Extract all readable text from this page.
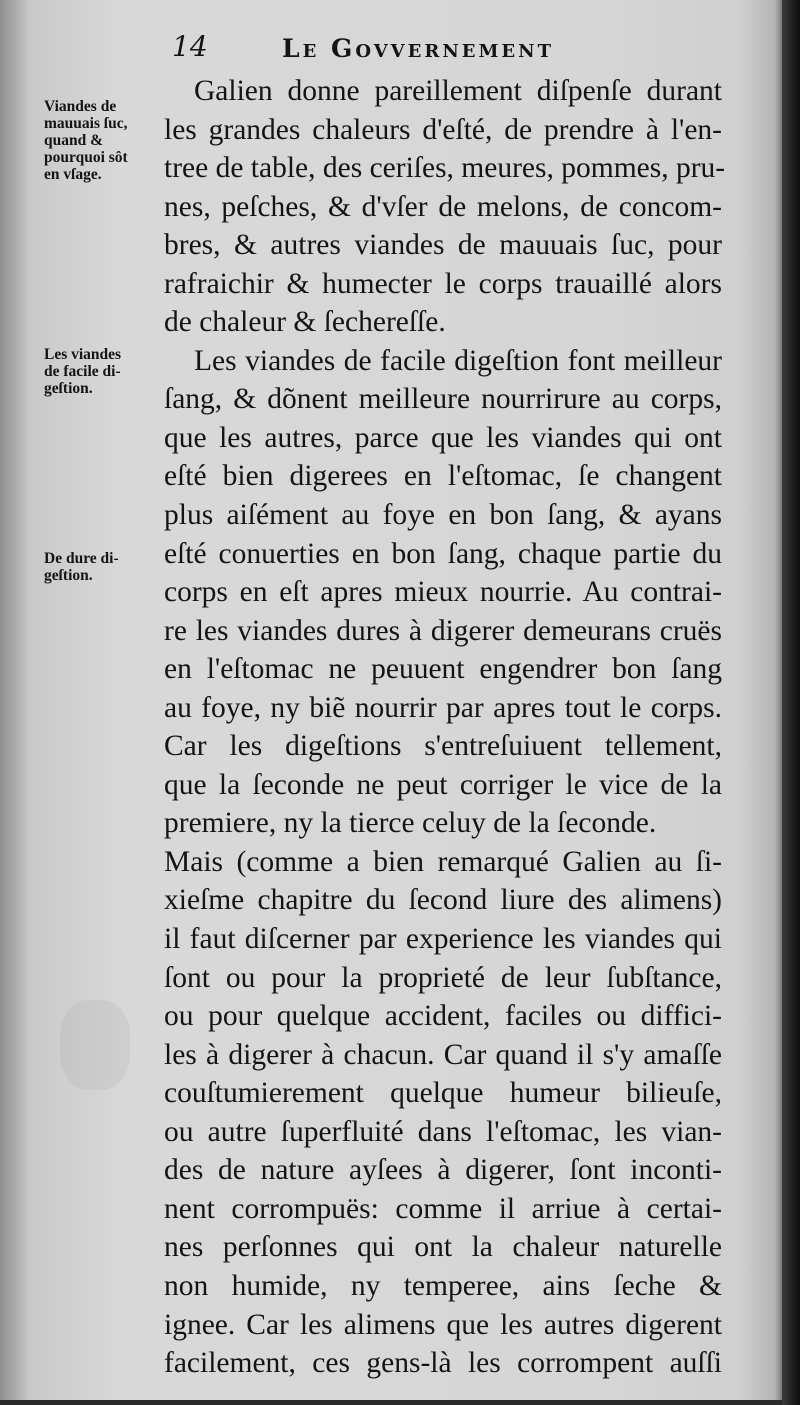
14	Le Govvernement
Viandes de
mauuais ſuc,
quand &
pourquoi sôt
en vſage.
Les viandes
de facile di-
geſtion.
De dure di-
geſtion.
Galien donne pareillement diſpenſe durant
les grandes chaleurs d'eſté, de prendre à l'en-
tree de table, des ceriſes, meures, pommes, pru-
nes, peſches, & d'vſer de melons, de concom-
bres, & autres viandes de mauuais ſuc, pour
rafraichir & humecter le corps trauaillé alors
de chaleur & ſechereſſe.
Les viandes de facile digeſtion font meilleur
ſang, & dõnent meilleure nourrirure au corps,
que les autres, parce que les viandes qui ont
eſté bien digerees en l'eſtomac, ſe changent
plus aiſément au foye en bon ſang, & ayans
eſté conuerties en bon ſang, chaque partie du
corps en eſt apres mieux nourrie. Au contrai-
re les viandes dures à digerer demeurans cruës
en l'eſtomac ne peuuent engendrer bon ſang
au foye, ny biẽ nourrir par apres tout le corps.
Car les digeſtions s'entreſuiuent tellement,
que la ſeconde ne peut corriger le vice de la
premiere, ny la tierce celuy de la ſeconde.
Mais (comme a bien remarqué Galien au ſi-
xieſme chapitre du ſecond liure des alimens)
il faut diſcerner par experience les viandes qui
ſont ou pour la proprieté de leur ſubſtance,
ou pour quelque accident, faciles ou diffici-
les à digerer à chacun. Car quand il s'y amaſſe
couſtumierement quelque humeur bilieuſe,
ou autre ſuperfluité dans l'eſtomac, les vian-
des de nature ayſees à digerer, ſont inconti-
nent corrompuës: comme il arriue à certai-
nes perſonnes qui ont la chaleur naturelle
non humide, ny temperee, ains ſeche &
ignee. Car les alimens que les autres digerent
facilement, ces gens-là les corrompent auſſi
